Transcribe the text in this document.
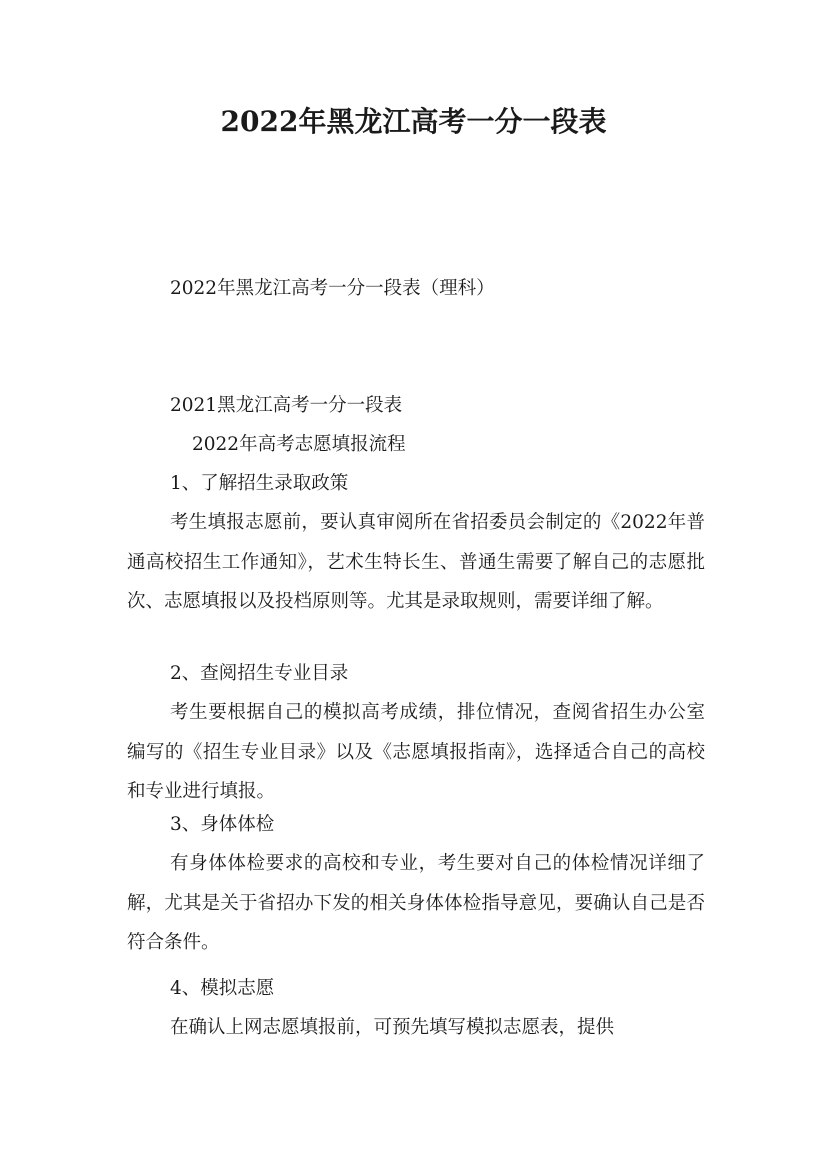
2022年黑龙江高考一分一段表
2022年黑龙江高考一分一段表（理科）
2021黑龙江高考一分一段表
2022年高考志愿填报流程
1、了解招生录取政策
考生填报志愿前，要认真审阅所在省招委员会制定的《2022年普通高校招生工作通知》，艺术生特长生、普通生需要了解自己的志愿批次、志愿填报以及投档原则等。尤其是录取规则，需要详细了解。
2、查阅招生专业目录
考生要根据自己的模拟高考成绩，排位情况，查阅省招生办公室编写的《招生专业目录》以及《志愿填报指南》，选择适合自己的高校和专业进行填报。
3、身体体检
有身体体检要求的高校和专业，考生要对自己的体检情况详细了解，尤其是关于省招办下发的相关身体体检指导意见，要确认自己是否符合条件。
4、模拟志愿
在确认上网志愿填报前，可预先填写模拟志愿表，提供
